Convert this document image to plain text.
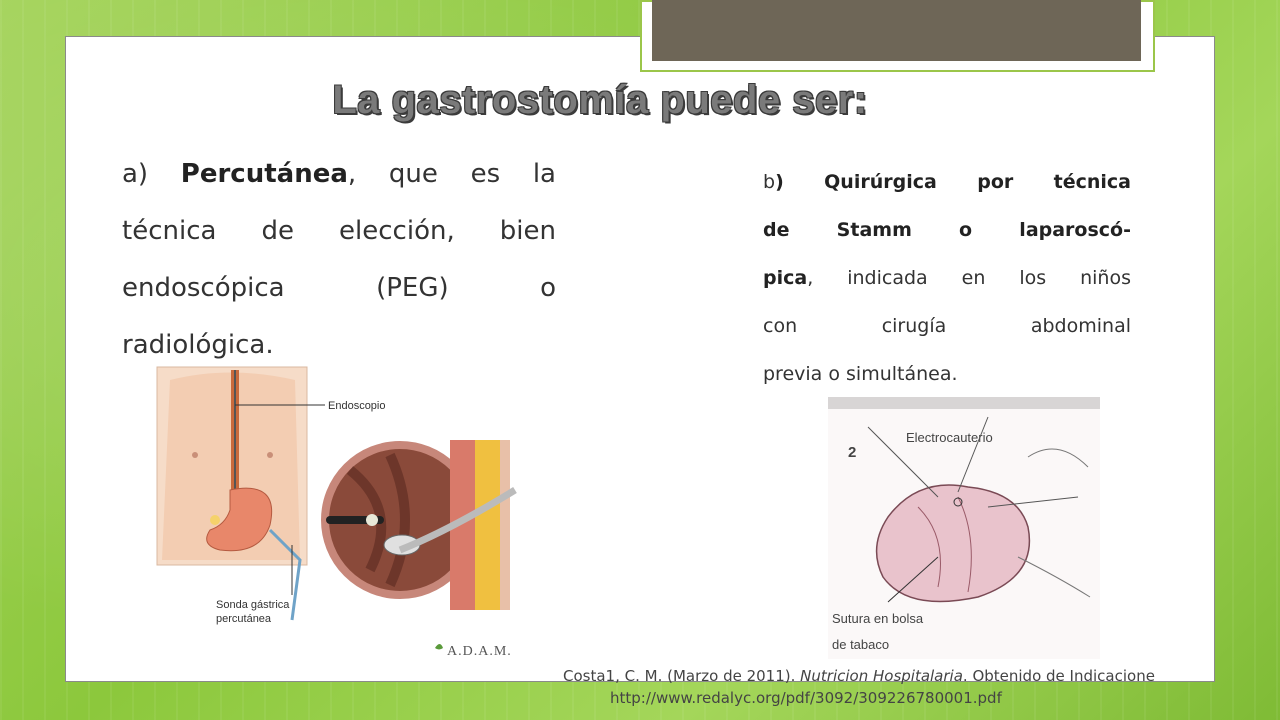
La gastrostomía puede ser:
a) Percutánea, que es la técnica de elección, bien endoscópica (PEG) o
radiológica.
b) Quirúrgica por técnica
de Stamm o laparoscó-
pica, indicada en los niños
con cirugía abdominal
previa o simultánea.
Endoscopio
Sonda gástrica
percutánea
A.D.A.M.
2
Electrocauterio
Sutura en bolsa
de tabaco
Costa1, C. M. (Marzo de 2011). Nutricion Hospitalaria. Obtenido de Indicacione
http://www.redalyc.org/pdf/3092/309226780001.pdf
